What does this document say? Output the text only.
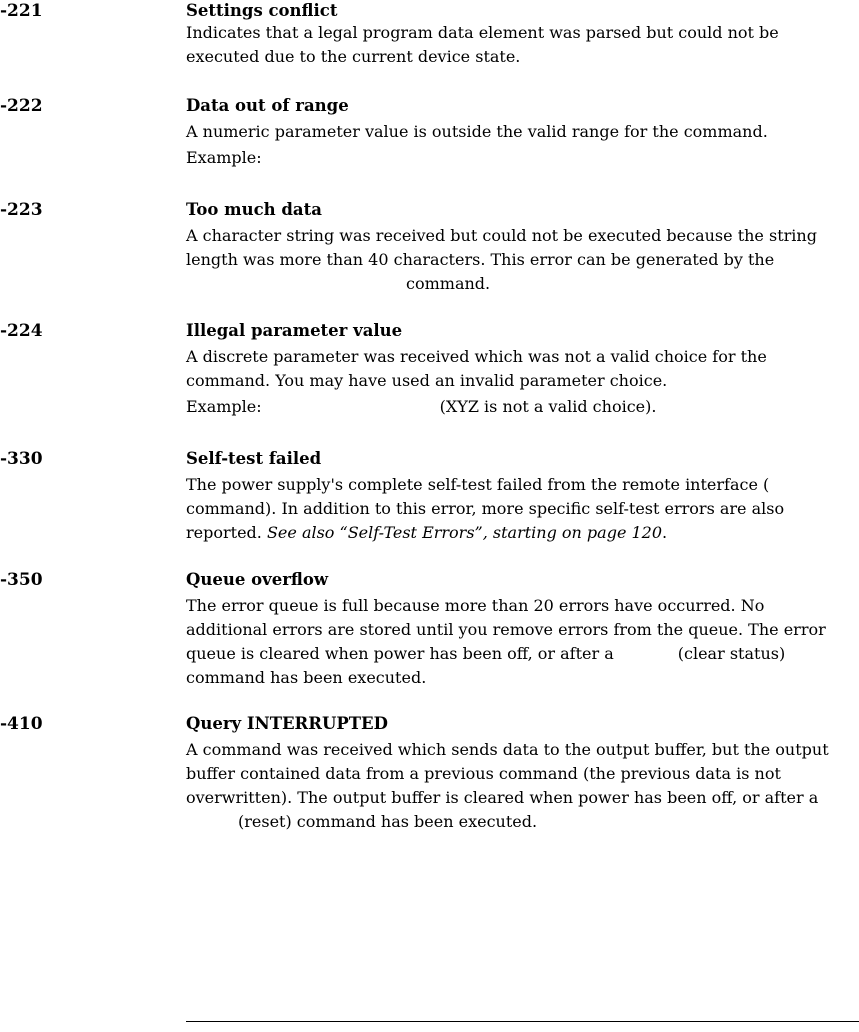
-221	Settings conflict
Indicates that a legal program data element was parsed but could not be
executed due to the current device state.
-222	Data out of range
A numeric parameter value is outside the valid range for the command.
Example:
-223	Too much data
A character string was received but could not be executed because the string
length was more than 40 characters. This error can be generated by the
command.
-224	Illegal parameter value
A discrete parameter was received which was not a valid choice for the
command. You may have used an invalid parameter choice.
Example:	(XYZ is not a valid choice).
-330	Self-test failed
The power supply's complete self-test failed from the remote interface (
command). In addition to this error, more specific self-test errors are also
reported. See also “Self-Test Errors”, starting on page 120.
-350	Queue overflow
The error queue is full because more than 20 errors have occurred. No
additional errors are stored until you remove errors from the queue. The error
queue is cleared when power has been off, or after a	(clear status)
command has been executed.
-410	Query INTERRUPTED
A command was received which sends data to the output buffer, but the output
buffer contained data from a previous command (the previous data is not
overwritten). The output buffer is cleared when power has been off, or after a
(reset) command has been executed.
